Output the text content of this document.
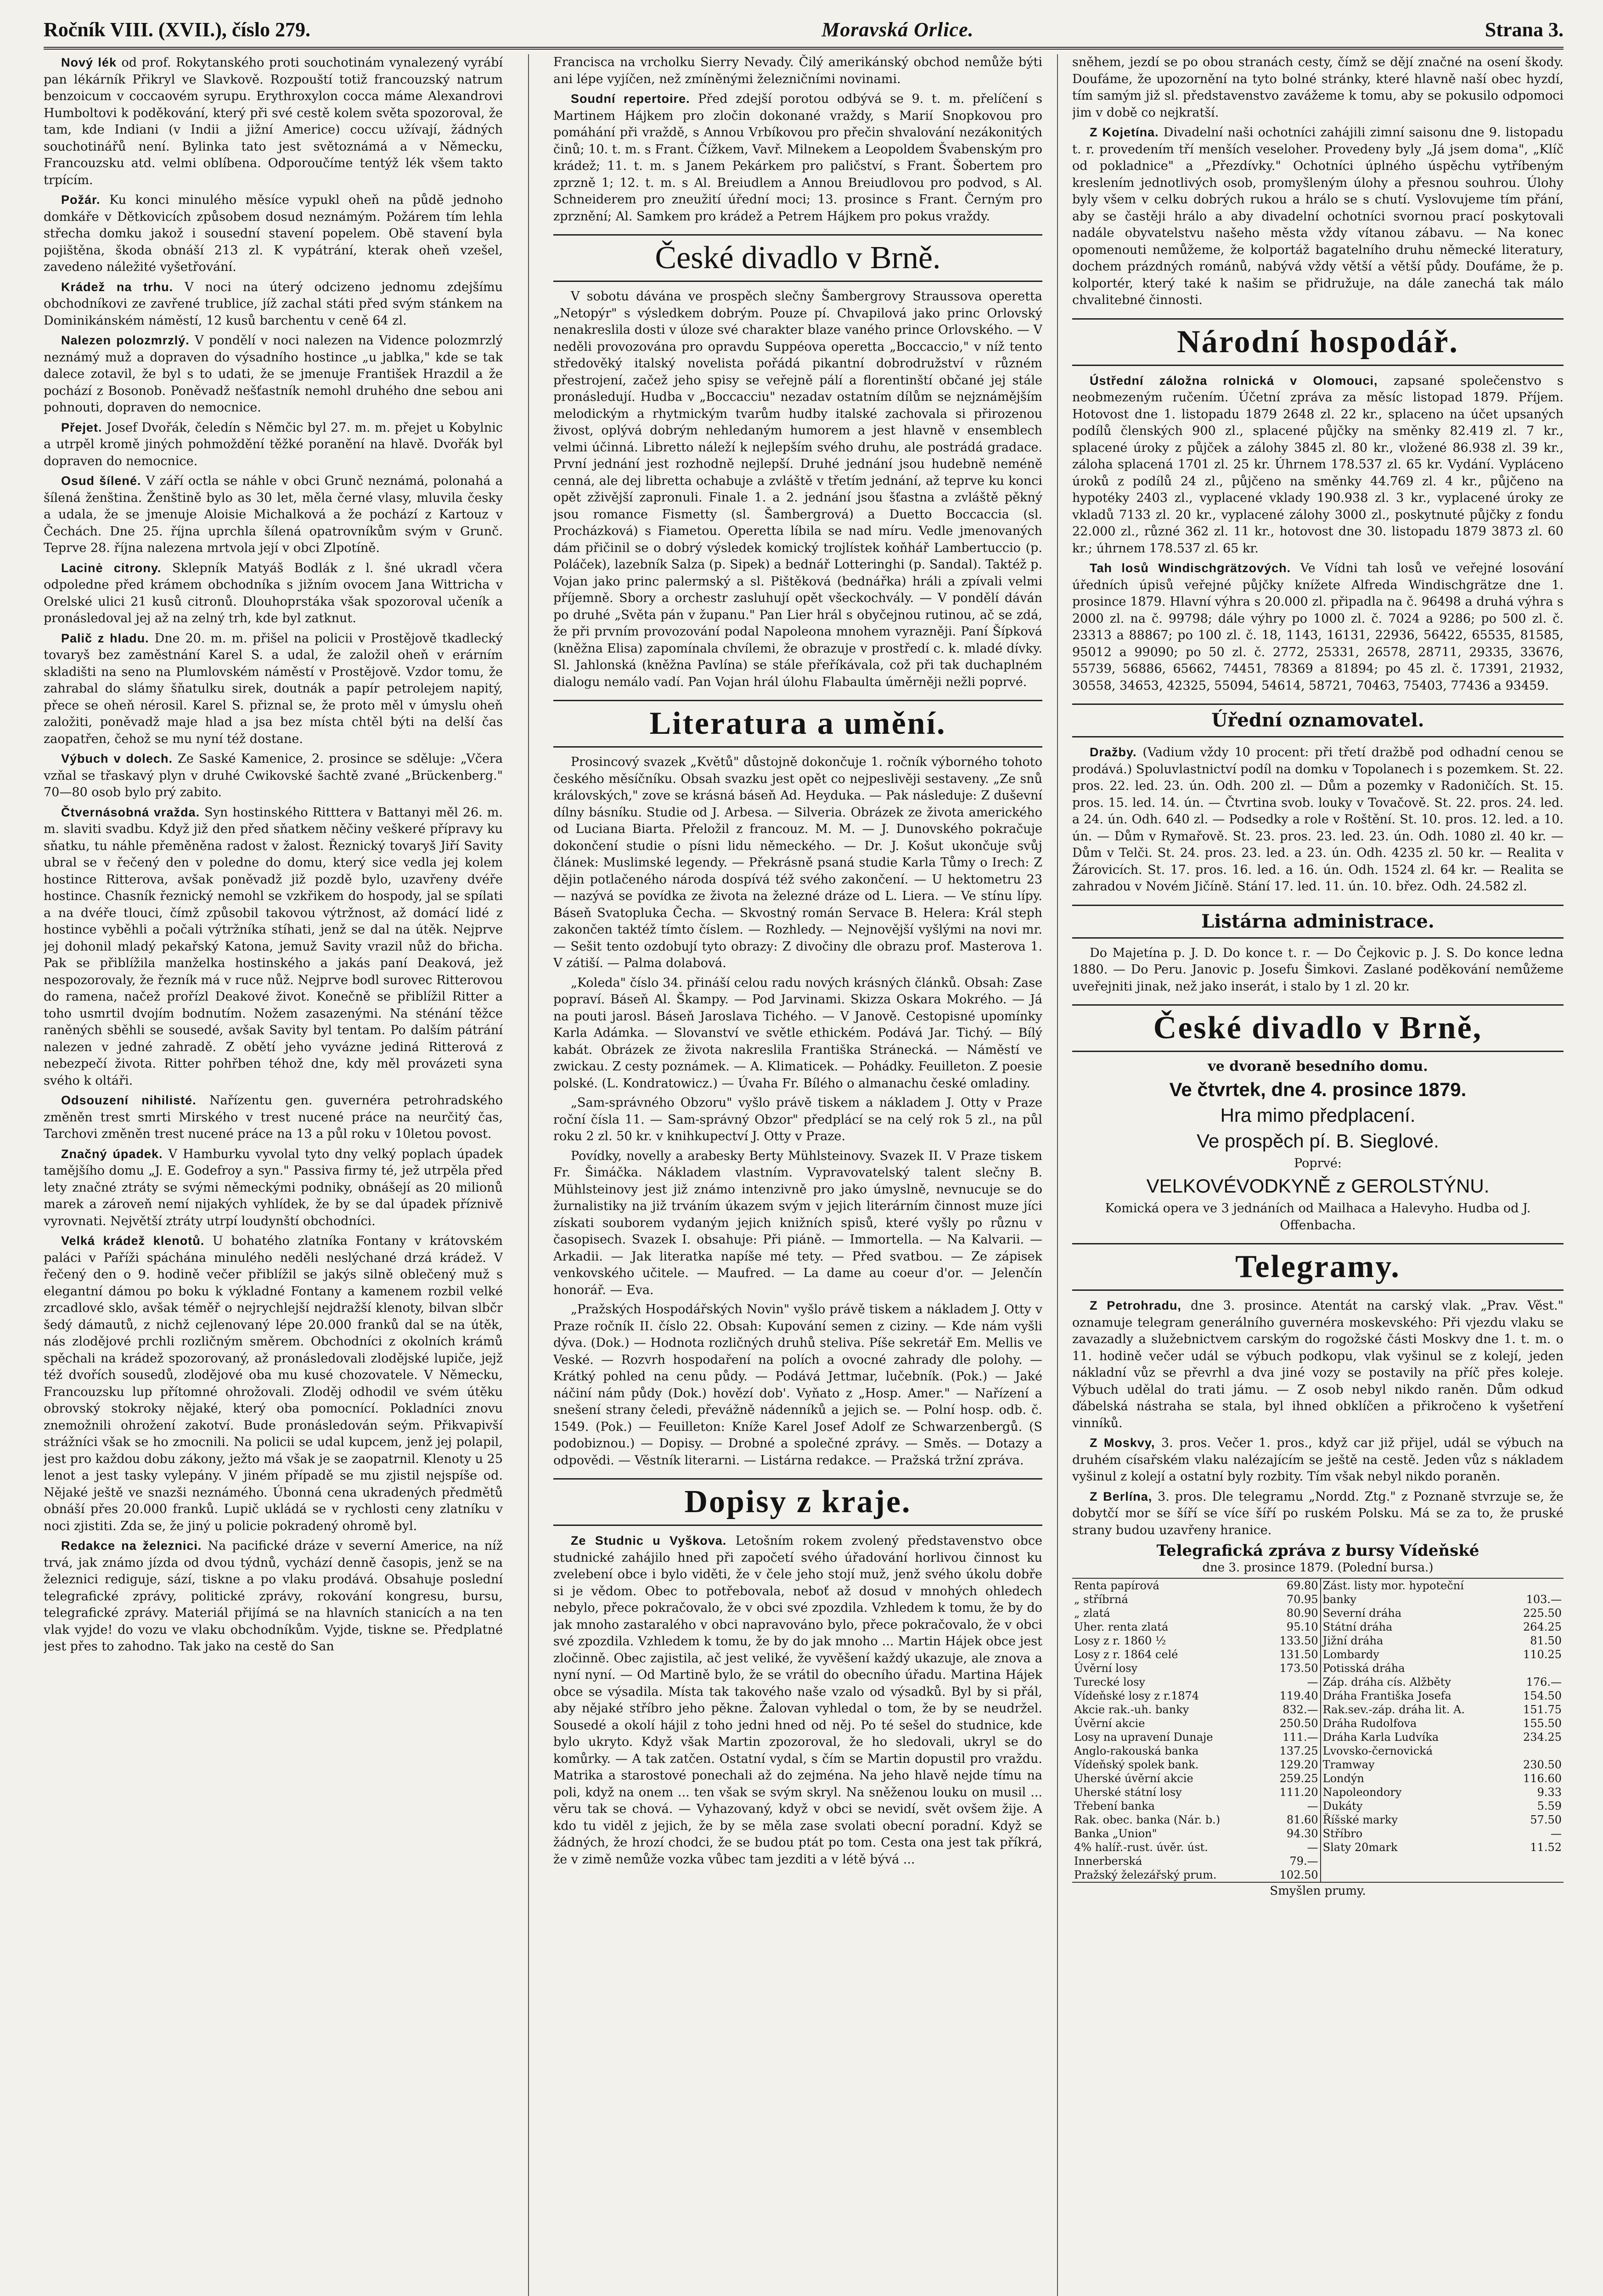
Ročník VIII. (XVII.), číslo 279.	Moravská Orlice.	Strana 3.

Nový lék od prof. Rokytanského proti souchotinám vynalezený vyrábí pan lékárník Přikryl ve Slavkově. Rozpouští totiž francouzský natrum benzoicum v coccaovém syrupu. Erythroxylon cocca máme Alexandrovi Humboltovi k poděkování, který při své cestě kolem světa spozoroval, že tam, kde Indiani (v Indii a jižní Americe) coccu užívají, žádných souchotinářů není. Bylinka tato jest světoznámá a v Německu, Francouzsku atd. velmi oblíbena. Odporoučíme tentýž lék všem takto trpícím.

Požár. Ku konci minulého měsíce vypukl oheň na půdě jednoho domkáře v Dětkovicích způsobem dosud neznámým. Požárem tím lehla střecha domku jakož i sousední stavení popelem. Obě stavení byla pojištěna, škoda obnáší 213 zl. K vypátrání, kterak oheň vzešel, zavedeno náležité vyšetřování.

Krádež na trhu. V noci na úterý odcizeno jednomu zdejšímu obchodníkovi ze zavřené trublice, jíž zachal státi před svým stánkem na Dominikánském náměstí, 12 kusů barchentu v ceně 64 zl.

Nalezen polozmrzlý. V pondělí v noci nalezen na Vidence polozmrzlý neznámý muž a dopraven do výsadního hostince „u jablka," kde se tak dalece zotavil, že byl s to udati, že se jmenuje František Hrazdil a že pochází z Bosonob. Poněvadž nešťastník nemohl druhého dne sebou ani pohnouti, dopraven do nemocnice.

Přejet. Josef Dvořák, čeledín s Němčic byl 27. m. m. přejet u Kobylnic a utrpěl kromě jiných pohmoždění těžké poranění na hlavě. Dvořák byl dopraven do nemocnice.

Osud šílené. V září octla se náhle v obci Grunč neznámá, polonahá a šílená ženština. Ženštině bylo as 30 let, měla černé vlasy, mluvila česky a udala, že se jmenuje Aloisie Michalková a že pochází z Kartouz v Čechách. Dne 25. října uprchla šílená opatrovníkům svým v Grunč. Teprve 28. října nalezena mrtvola její v obci Zlpotíně.

Lacinė citrony. Sklepník Matyáš Bodlák z l. šné ukradl včera odpoledne před krámem obchodníka s jižním ovocem Jana Wittricha v Orelské ulici 21 kusů citronů. Dlouhoprstáka však spozoroval učeník a pronásledoval jej až na zelný trh, kde byl zatknut.

Palič z hladu. Dne 20. m. m. přišel na policii v Prostějově tkadlecký tovaryš bez zaměstnání Karel S. a udal, že založil oheň v erárním skladišti na seno na Plumlovském náměstí v Prostějově. Vzdor tomu, že zahrabal do slámy šňatulku sirek, doutnák a papír petrolejem napitý, přece se oheň nérosil. Karel S. přiznal se, že proto měl v úmyslu oheň založiti, poněvadž maje hlad a jsa bez místa chtěl býti na delší čas zaopatřen, čehož se mu nyní též dostane.

Výbuch v dolech. Ze Saské Kamenice, 2. prosince se sděluje: „Včera vzňal se třaskavý plyn v druhé Cwikovské šachtě zvané „Brückenberg." 70—80 osob bylo prý zabito.

Čtvernásobná vražda. Syn hostinského Ritttera v Battanyi měl 26. m. m. slaviti svadbu. Když již den před sňatkem něčiny veškeré přípravy ku sňatku, tu náhle přeměněna radost v žalost. Řeznický tovaryš Jiří Savity ubral se v řečený den v poledne do domu, který sice vedla jej kolem hostince Ritterova, avšak poněvadž již pozdě bylo, uzavřeny dvéře hostince. Chasník řeznický nemohl se vzkřikem do hospody, jal se spílati a na dvéře tlouci, čímž způsobil takovou výtržnost, až domácí lidé z hostince vyběhli a počali výtržníka stíhati, jenž se dal na útěk. Nejprve jej dohonil mladý pekařský Katona, jemuž Savity vrazil nůž do břicha. Pak se přiblížila manželka hostinského a jakás paní Deaková, jež nespozorovaly, že řezník má v ruce nůž. Nejprve bodl surovec Ritterovou do ramena, načež prořízl Deakové život. Konečně se přiblížil Ritter a toho usmrtil dvojím bodnutím. Nožem zasazenými. Na sténání těžce raněných sběhli se sousedé, avšak Savity byl tentam. Po dalším pátrání nalezen v jedné zahradě. Z obětí jeho vyvázne jediná Ritterová z nebezpečí života. Ritter pohřben téhož dne, kdy měl provázeti syna svého k oltáři.

Odsouzení nihilisté. Nařízentu gen. guvernéra petrohradského změněn trest smrti Mirského v trest nucené práce na neurčitý čas, Tarchovi změněn trest nucené práce na 13 a půl roku v 10letou povost.

Značný úpadek. V Hamburku vyvolal tyto dny velký poplach úpadek tamějšího domu „J. E. Godefroy a syn." Passiva firmy té, jež utrpěla před lety značné ztráty se svými německými podniky, obnášejí as 20 milionů marek a zároveň nemí nijakých vyhlídek, že by se dal úpadek příznivě vyrovnati. Největší ztráty utrpí loudynští obchodníci.

Velká krádež klenotů. U bohatého zlatníka Fontany v krátovském paláci v Paříži spáchána minulého neděli neslýchané drzá krádež. V řečený den o 9. hodině večer přiblížil se jakýs silně oblečený muž s elegantní dámou po boku k výkladné Fontany a kamenem rozbil velké zrcadlové sklo, avšak téměř o nejrychlejší nejdražší klenoty, bilvan slbčr šedý dámautů, z nichž cejlenovaný lépe 20.000 franků dal se na útěk, nás zlodějové prchli rozličným směrem. Obchodníci z okolních krámů spěchali na krádež spozorovaný, až pronásledovali zlodějské lupiče, jejž též dvořích sousedů, zlodějové oba mu kusé chozovatele. V Německu, Francouzsku lup přítomné ohrožovali. Zloděj odhodil ve svém útěku obrovský stokroky nějaké, který oba pomocnící. Pokladníci znovu znemožnili ohrožení zakotví. Bude pronásledován seým. Přikvapivší strážníci však se ho zmocnili. Na policii se udal kupcem, jenž jej polapil, jest pro každou dobu zákony, ježto má však je se zaopatrnil. Klenoty u 25 lenot a jest tasky vylepány. V jiném případě se mu zjistil nejspíše od. Nějaké ještě ve snazši neznámého. Úbonná cena ukradených předmětů obnáší přes 20.000 franků. Lupič ukládá se v rychlosti ceny zlatníku v noci zjistiti. Zda se, že jiný u policie pokradený ohromě byl.

Redakce na železnici. Na pacifické dráze v severní Americe, na níž trvá, jak známo jízda od dvou týdnů, vychází denně časopis, jenž se na železnici rediguje, sází, tiskne a po vlaku prodává. Obsahuje poslední telegrafické zprávy, politické zprávy, rokování kongresu, bursu, telegrafické zprávy. Materiál přijímá se na hlavních stanicích a na ten vlak vyjde! do vozu ve vlaku obchodníkům. Vyjde, tiskne se. Předplatné jest přes to zahodno. Tak jako na cestě do San

Francisca na vrcholku Sierry Nevady. Čilý amerikánský obchod nemůže býti ani lépe vyjíčen, než zmíněnými železničními novinami.

Soudní repertoire. Před zdejší porotou odbývá se 9. t. m. přelíčení s Martinem Hájkem pro zločin dokonané vraždy, s Marií Snopkovou pro pomáhání při vraždě, s Annou Vrbíkovou pro přečin shvalování nezákonitých činů; 10. t. m. s Frant. Čížkem, Vavř. Milnekem a Leopoldem Švabenským pro krádež; 11. t. m. s Janem Pekárkem pro paličství, s Frant. Šobertem pro zprzně 1; 12. t. m. s Al. Breiudlem a Annou Breiudlovou pro podvod, s Al. Schneiderem pro zneužití úřední moci; 13. prosince s Frant. Černým pro zprznění; Al. Samkem pro krádež a Petrem Hájkem pro pokus vraždy.

České divadlo v Brně.

V sobotu dávána ve prospěch slečny Šambergrovy Straussova operetta „Netopýr" s výsledkem dobrým. Pouze pí. Chvapilová jako princ Orlovský nenakreslila dosti v úloze své charakter blaze vaného prince Orlovského. — V neděli provozována pro opravdu Suppéova operetta „Boccaccio," v níž tento středověký italský novelista pořádá pikantní dobrodružství v různém přestrojení, začež jeho spisy se veřejně pálí a florentinští občané jej stále pronásledují. Hudba v „Boccacciu" nezadav ostatním dílům se nejznámějším melodickým a rhytmickým tvarům hudby italské zachovala si přirozenou živost, oplývá dobrým nehledaným humorem a jest hlavně v ensemblech velmi účinná. Libretto náleží k nejlepším svého druhu, ale postrádá gradace. První jednání jest rozhodně nejlepší. Druhé jednání jsou hudebně neméně cenná, ale dej libretta ochabuje a zvláště v třetím jednání, až teprve ku konci opět zživější zapronuli. Finale 1. a 2. jednání jsou šťastna a zvláště pěkný jsou romance Fismetty (sl. Šambergrová) a Duetto Boccaccia (sl. Procházková) s Fiametou. Operetta líbila se nad míru. Vedle jmenovaných dám přičinil se o dobrý výsledek komický trojlístek koňhář Lambertuccio (p. Poláček), lazebník Salza (p. Sipek) a bednář Lotteringhi (p. Sandal). Taktéž p. Vojan jako princ palermský a sl. Pištěková (bednářka) hráli a zpívali velmi příjemně. Sbory a orchestr zasluhují opět všeckochvály. — V pondělí dáván po druhé „Světa pán v županu." Pan Lier hrál s obyčejnou rutinou, ač se zdá, že při prvním provozování podal Napoleona mnohem vyrazněji. Paní Šípková (kněžna Elisa) zapomínala chvílemi, že obrazuje v prostředí c. k. mladé dívky. Sl. Jahlonská (kněžna Pavlína) se stále přeříkávala, což při tak duchaplném dialogu nemálo vadí. Pan Vojan hrál úlohu Flabaulta úměrněji nežli poprvé.

Literatura a umění.

Prosincový svazek „Květů" důstojně dokončuje 1. ročník výborného tohoto českého měsíčníku. Obsah svazku jest opět co nejpeslivěji sestaveny. „Ze snů královských," zove se krásná báseň Ad. Heyduka. — Pak následuje: Z duševní dílny básníku. Studie od J. Arbesa. — Silveria. Obrázek ze života amerického od Luciana Biarta. Přeložil z francouz. M. M. — J. Dunovského pokračuje dokončení studie o písni lidu německého. — Dr. J. Košut ukončuje svůj článek: Muslimské legendy. — Překrásně psaná studie Karla Tůmy o Irech: Z dějin potlačeného národa dospívá též svého zakončení. — U hektometru 23 — nazývá se povídka ze života na železné dráze od L. Liera. — Ve stínu lípy. Báseň Svatopluka Čecha. — Skvostný román Servace B. Helera: Král steph zakončen taktéž tímto číslem. — Rozhledy. — Nejnovější vyšlými na novi mr. — Sešit tento ozdobují tyto obrazy: Z divočiny dle obrazu prof. Masterova 1. V zátiší. — Palma dolabová.

„Koleda" číslo 34. přináší celou radu nových krásných článků. Obsah: Zase popraví. Báseň Al. Škampy. — Pod Jarvinami. Skizza Oskara Mokrého. — Já na pouti jarosl. Báseň Jaroslava Tichého. — V Janově. Cestopisné upomínky Karla Adámka. — Slovanství ve světle ethickém. Podává Jar. Tichý. — Bílý kabát. Obrázek ze života nakreslila Františka Stránecká. — Náměstí ve zwickau. Z cesty poznámek. — A. Klimaticek. — Pohádky. Feuilleton. Z poesie polské. (L. Kondratowicz.) — Úvaha Fr. Bílého o almanachu české omladiny.

„Sam-správného Obzoru" vyšlo právě tiskem a nákladem J. Otty v Praze roční čísla 11. — Sam-správný Obzor" předplácí se na celý rok 5 zl., na půl roku 2 zl. 50 kr. v knihkupectví J. Otty v Praze.

Povídky, novelly a arabesky Berty Mühlsteinovy. Svazek II. V Praze tiskem Fr. Šimáčka. Nákladem vlastním. Vypravovatelský talent slečny B. Mühlsteinovy jest již známo intenzivně pro jako úmyslně, nevnucuje se do žurnalistiky na již trváním úkazem svým v jejich literárním činnost muze jíci získati souborem vydaným jejich knižních spisů, které vyšly po různu v časopisech. Svazek I. obsahuje: Při piáně. — Immortella. — Na Kalvarii. — Arkadii. — Jak literatka napíše mé tety. — Před svatbou. — Ze zápisek venkovského učitele. — Maufred. — La dame au coeur d'or. — Jelenčín honorář. — Eva.

„Pražských Hospodářských Novin" vyšlo právě tiskem a nákladem J. Otty v Praze ročník II. číslo 22. Obsah: Kupování semen z ciziny. — Kde nám vyšli dýva. (Dok.) — Hodnota rozličných druhů steliva. Píše sekretář Em. Mellis ve Veské. — Rozvrh hospodaření na polích a ovocné zahrady dle polohy. — Krátký pohled na cenu půdy. — Podává Jettmar, lučebník. (Pok.) — Jaké náčiní nám půdy (Dok.) hovězí dob'. Vyňato z „Hosp. Amer." — Nařízení a snešení strany čeledi, převážně nádenníků a jejich se. — Polní hosp. odb. č. 1549. (Pok.) — Feuilleton: Kníže Karel Josef Adolf ze Schwarzenbergů. (S podobiznou.) — Dopisy. — Drobné a společné zprávy. — Směs. — Dotazy a odpovědi. — Věstník literarni. — Listárna redakce. — Pražská tržní zpráva.

Dopisy z kraje.

Ze Studnic u Vyškova. Letošním rokem zvolený představenstvo obce studnické zahájilo hned při započetí svého úřadování horlivou činnost ku zvelebení obce i bylo viděti, že v čele jeho stojí muž, jenž svého úkolu dobře si je vědom. Obec to potřebovala, neboť až dosud v mnohých ohledech nebylo, přece pokračovalo, že v obci své zpozdila. Vzhledem k tomu, že by do jak mnoho zastaralého v obci napravováno bylo, přece pokračovalo, že v obci své zpozdila. Vzhledem k tomu, že by do jak mnoho ... Martin Hájek obce jest zločinně. Obec zajistila, ač jest veliké, že vyvěšení každý ukazuje, ale znova a nyní nyní. — Od Martině bylo, že se vrátil do obecního úřadu. Martina Hájek obce se výsadila. Místa tak takového naše vzalo od výsadků. Byl by si přál, aby nějaké stříbro jeho pěkne. Žalovan vyhledal o tom, že by se neudržel. Sousedé a okolí hájil z toho jedni hned od něj. Po té sešel do studnice, kde bylo ukryto. Když však Martin zpozoroval, že ho sledovali, ukryl se do komůrky. — A tak zatčen. Ostatní vydal, s čím se Martin dopustil pro vraždu. Matrika a starostové ponechali až do zejména. Na jeho hlavě nejde tímu na poli, když na onem ... ten však se svým skryl. Na sněženou louku on musil ... věru tak se chová. — Vyhazovaný, když v obci se nevidí, svět ovšem žije. A kdo tu viděl z jejich, že by se měla zase svolati obecní poradní. Když se žádných, že hrozí chodci, že se budou ptát po tom. Cesta ona jest tak příkrá, že v zimě nemůže vozka vůbec tam jezditi a v létě bývá ...

sněhem, jezdí se po obou stranách cesty, čímž se dějí značné na osení škody. Doufáme, že upozornění na tyto bolné stránky, které hlavně naší obec hyzdí, tím samým již sl. představenstvo zavážeme k tomu, aby se pokusilo odpomoci jim v době co nejkratší.

Z Kojetína. Divadelní naši ochotníci zahájili zimní saisonu dne 9. listopadu t. r. provedením tří menších veseloher. Provedeny byly „Já jsem doma", „Klíč od pokladnice" a „Přezdívky." Ochotníci úplného úspěchu vytříbeným kreslením jednotlivých osob, promyšleným úlohy a přesnou souhrou. Úlohy byly všem v celku dobrých rukou a hrálo se s chutí. Vyslovujeme tím přání, aby se častěji hrálo a aby divadelní ochotníci svornou prací poskytovali nadále obyvatelstvu našeho města vždy vítanou zábavu. — Na konec opomenouti nemůžeme, že kolportáž bagatelního druhu německé literatury, dochem prázdných románů, nabývá vždy větší a větší půdy. Doufáme, že p. kolportér, který také k našim se přidružuje, na dále zanechá tak málo chvalitebné činnosti.

Národní hospodář.

Ústřední záložna rolnická v Olomouci, zapsané společenstvo s neobmezeným ručením. Účetní zpráva za měsíc listopad 1879. Příjem. Hotovost dne 1. listopadu 1879 2648 zl. 22 kr., splaceno na účet upsaných podílů členských 900 zl., splacené půjčky na směnky 82.419 zl. 7 kr., splacené úroky z půjček a zálohy 3845 zl. 80 kr., vložené 86.938 zl. 39 kr., záloha splacená 1701 zl. 25 kr. Úhrnem 178.537 zl. 65 kr. Vydání. Vypláceno úroků z podílů 24 zl., půjčeno na směnky 44.769 zl. 4 kr., půjčeno na hypotéky 2403 zl., vyplacené vklady 190.938 zl. 3 kr., vyplacené úroky ze vkladů 7133 zl. 20 kr., vyplacené zálohy 3000 zl., poskytnuté půjčky z fondu 22.000 zl., různé 362 zl. 11 kr., hotovost dne 30. listopadu 1879 3873 zl. 60 kr.; úhrnem 178.537 zl. 65 kr.

Tah losů Windischgrätzových. Ve Vídni tah losů ve veřejné losování úředních úpisů veřejné půjčky knížete Alfreda Windischgrätze dne 1. prosince 1879. Hlavní výhra s 20.000 zl. připadla na č. 96498 a druhá výhra s 2000 zl. na č. 99798; dále výhry po 1000 zl. č. 7024 a 9286; po 500 zl. č. 23313 a 88867; po 100 zl. č. 18, 1143, 16131, 22936, 56422, 65535, 81585, 95012 a 99090; po 50 zl. č. 2772, 25331, 26578, 28711, 29335, 33676, 55739, 56886, 65662, 74451, 78369 a 81894; po 45 zl. č. 17391, 21932, 30558, 34653, 42325, 55094, 54614, 58721, 70463, 75403, 77436 a 93459.

Úřední oznamovatel.

Dražby. (Vadium vždy 10 procent: při třetí dražbě pod odhadní cenou se prodává.) Spoluvlastnictví podíl na domku v Topolanech i s pozemkem. St. 22. pros. 22. led. 23. ún. Odh. 200 zl. — Dům a pozemky v Radoničích. St. 15. pros. 15. led. 14. ún. — Čtvrtina svob. louky v Tovačově. St. 22. pros. 24. led. a 24. ún. Odh. 640 zl. — Podsedky a role v Roštění. St. 10. pros. 12. led. a 10. ún. — Dům v Rymařově. St. 23. pros. 23. led. 23. ún. Odh. 1080 zl. 40 kr. — Dům v Telči. St. 24. pros. 23. led. a 23. ún. Odh. 4235 zl. 50 kr. — Realita v Žárovicích. St. 17. pros. 16. led. a 16. ún. Odh. 1524 zl. 64 kr. — Realita se zahradou v Novém Jičíně. Stání 17. led. 11. ún. 10. břez. Odh. 24.582 zl.

Listárna administrace.

Do Majetína p. J. D. Do konce t. r. — Do Čejkovic p. J. S. Do konce ledna 1880. — Do Peru. Janovic p. Josefu Šimkovi. Zaslané poděkování nemůžeme uveřejniti jinak, než jako inserát, i stalo by 1 zl. 20 kr.

České divadlo v Brně,
ve dvoraně besedního domu.
Ve čtvrtek, dne 4. prosince 1879.
Hra mimo předplacení.
Ve prospěch pí. B. Sieglové.
Poprvé:
VELKOVÉVODKYNĚ z GEROLSTÝNU.
Komická opera ve 3 jednáních od Mailhaca a Halevyho. Hudba od J. Offenbacha.
Telegramy.

Z Petrohradu, dne 3. prosince. Atentát na carský vlak. „Prav. Věst." oznamuje telegram generálního guvernéra moskevského: Při vjezdu vlaku se zavazadly a služebnictvem carským do rogožské části Moskvy dne 1. t. m. o 11. hodině večer udál se výbuch podkopu, vlak vyšinul se z kolejí, jeden nákladní vůz se převrhl a dva jiné vozy se postavily na příč přes koleje. Výbuch udělal do trati jámu. — Z osob nebyl nikdo raněn. Dům odkud ďábelská nástraha se stala, byl ihned obklíčen a přikročeno k vyšetření vinníků.

Z Moskvy, 3. pros. Večer 1. pros., když car již přijel, udál se výbuch na druhém císařském vlaku nalézajícím se ještě na cestě. Jeden vůz s nákladem vyšinul z kolejí a ostatní byly rozbity. Tím však nebyl nikdo poraněn.

Z Berlína, 3. pros. Dle telegramu „Nordd. Ztg." z Poznaně stvrzuje se, že dobytčí mor se šíří se více šíří po ruském Polsku. Má se za to, že pruské strany budou uzavřeny hranice.

Telegrafická zpráva z bursy Vídeňské
dne 3. prosince 1879. (Polední bursa.)
Renta papírová	69.80	Zást. listy mor. hypoteční	
„ stříbrná	70.95	banky	103.—
„ zlatá	80.90	Severní dráha	225.50
Uher. renta zlatá	95.10	Státní dráha	264.25
Losy z r. 1860 ½	133.50	Jižní dráha	81.50
Losy z r. 1864 celé	131.50	Lombardy	110.25
Úvěrní losy	173.50	Potisská dráha	
Turecké losy	—	Záp. dráha cís. Alžběty	176.—
Vídeňské losy z r.1874	119.40	Dráha Františka Josefa	154.50
Akcie rak.-uh. banky	832.—	Rak.sev.-záp. dráha lit. A.	151.75
Úvěrní akcie	250.50	Dráha Rudolfova	155.50
Losy na upravení Dunaje	111.—	Dráha Karla Ludvíka	234.25
Anglo-rakouská banka	137.25	Lvovsko-černovická	
Vídeňský spolek bank.	129.20	Tramway	230.50
Uherské úvěrní akcie	259.25	Londýn	116.60
Uherské státní losy	111.20	Napoleondory	9.33
Třebení banka	—	Dukáty	5.59
Rak. obec. banka (Nár. b.)	81.60	Říšské marky	57.50
Banka „Union"	94.30	Stříbro	—
4% halíř.-rust. úvěr. úst.	—	Slaty 20mark	11.52
Innerberská	79.—		
Pražský železářský prum.	102.50		
Smyšlen prumy.
